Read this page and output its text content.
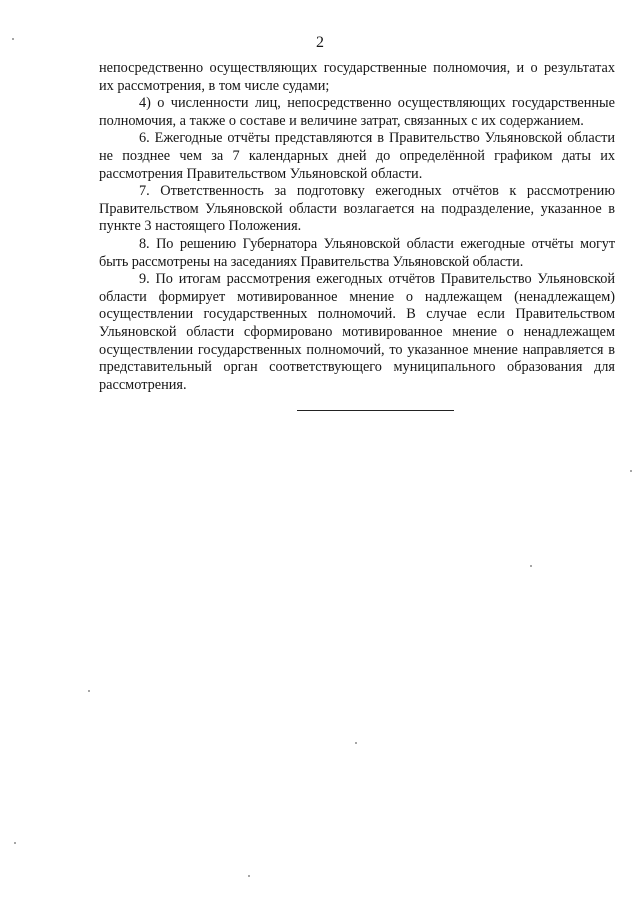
2

непосредственно осуществляющих государственные полномочия, и о результатах их рассмотрения, в том числе судами;

4) о численности лиц, непосредственно осуществляющих государственные полномочия, а также о составе и величине затрат, связанных с их содержанием.

6. Ежегодные отчёты представляются в Правительство Ульяновской области не позднее чем за 7 календарных дней до определённой графиком даты их рассмотрения Правительством Ульяновской области.

7. Ответственность за подготовку ежегодных отчётов к рассмотрению Правительством Ульяновской области возлагается на подразделение, указанное в пункте 3 настоящего Положения.

8. По решению Губернатора Ульяновской области ежегодные отчёты могут быть рассмотрены на заседаниях Правительства Ульяновской области.

9. По итогам рассмотрения ежегодных отчётов Правительство Ульяновской области формирует мотивированное мнение о надлежащем (ненадлежащем) осуществлении государственных полномочий. В случае если Правительством Ульяновской области сформировано мотивированное мнение о ненадлежащем осуществлении государственных полномочий, то указанное мнение направляется в представительный орган соответствующего муниципального образования для рассмотрения.
